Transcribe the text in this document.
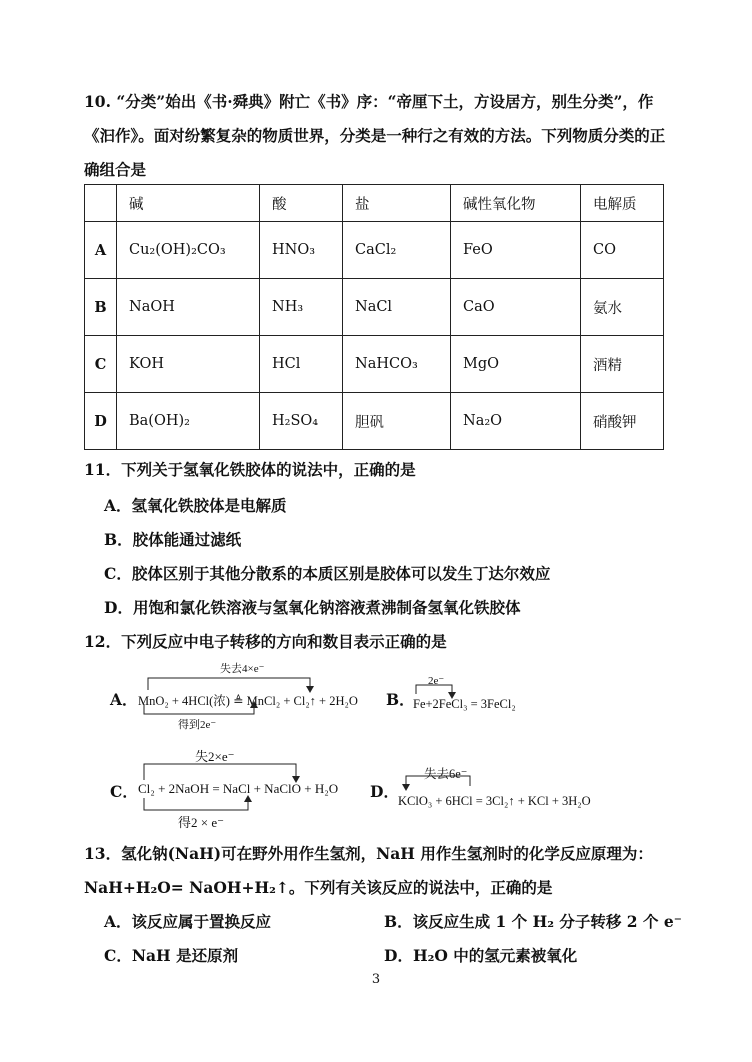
10. “分类”始出《书·舜典》附亡《书》序：“帝厘下土，方设居方，别生分类”，作
《汩作》。面对纷繁复杂的物质世界，分类是一种行之有效的方法。下列物质分类的正
确组合是
	碱	酸	盐	碱性氧化物	电解质
A	Cu₂(OH)₂CO₃	HNO₃	CaCl₂	FeO	CO
B	NaOH	NH₃	NaCl	CaO	氨水
C	KOH	HCl	NaHCO₃	MgO	酒精
D	Ba(OH)₂	H₂SO₄	胆矾	Na₂O	硝酸钾
11．下列关于氢氧化铁胶体的说法中，正确的是
A．氢氧化铁胶体是电解质
B．胶体能通过滤纸
C．胶体区别于其他分散系的本质区别是胶体可以发生丁达尔效应
D．用饱和氯化铁溶液与氢氧化钠溶液煮沸制备氢氧化铁胶体
12．下列反应中电子转移的方向和数目表示正确的是
A．
失去4×e⁻
MnO₂ + 4HCl(浓) ≜ MnCl₂ + Cl₂↑ + 2H₂O
得到2e⁻
B．
2e⁻
Fe+2FeCl₃ = 3FeCl₂
C．
失2×e⁻
Cl₂ + 2NaOH = NaCl + NaClO + H₂O
得2 × e⁻
D．
失去6e⁻
KClO₃ + 6HCl = 3Cl₂↑ + KCl + 3H₂O
13．氢化钠(NaH)可在野外用作生氢剂，NaH 用作生氢剂时的化学反应原理为：
NaH+H₂O= NaOH+H₂↑。下列有关该反应的说法中，正确的是
A．该反应属于置换反应	B．该反应生成 1 个 H₂ 分子转移 2 个 e⁻
C．NaH 是还原剂	D．H₂O 中的氢元素被氧化
3
